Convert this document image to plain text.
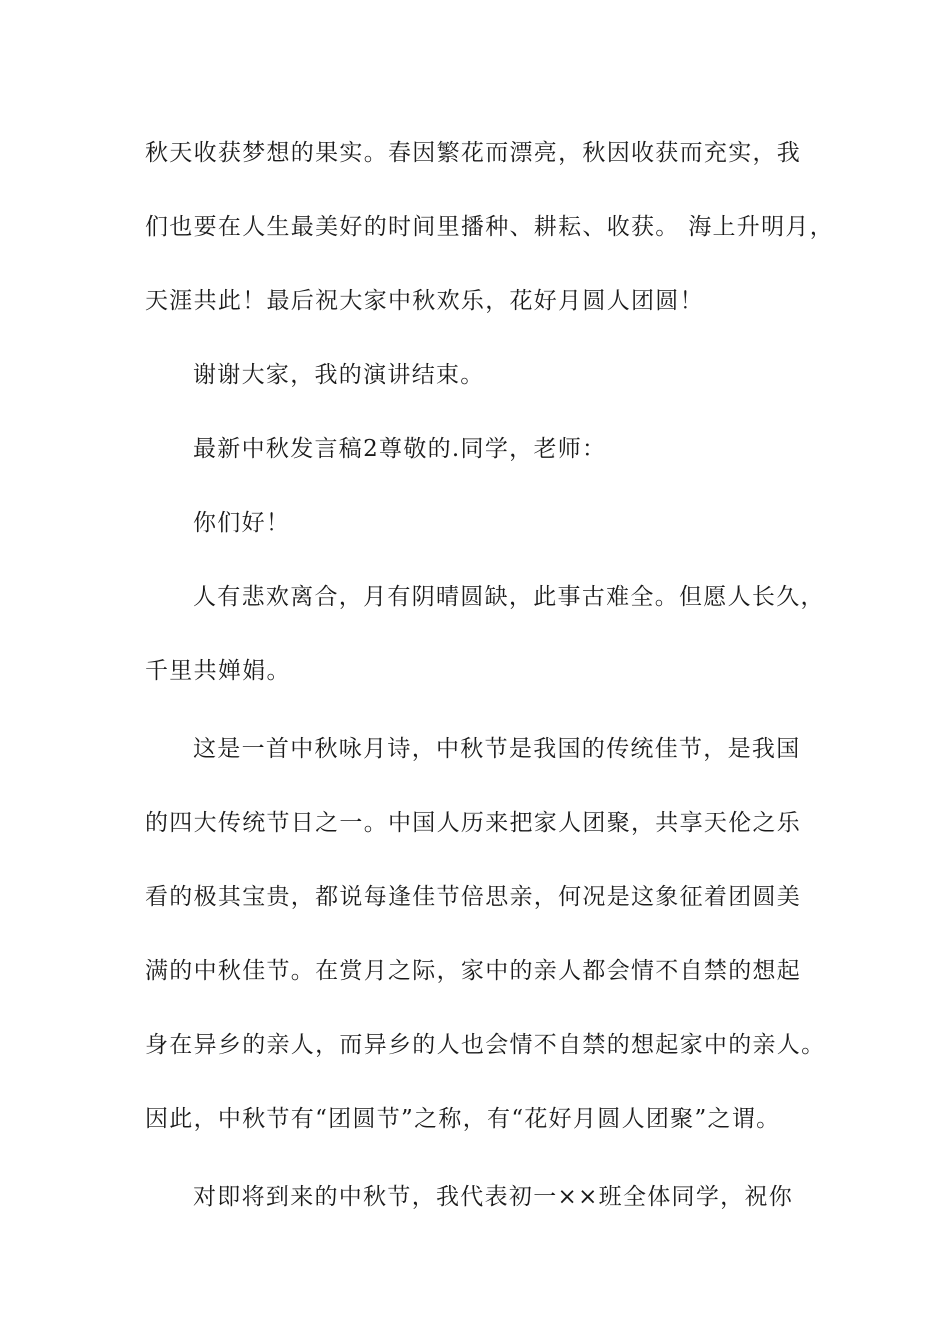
秋天收获梦想的果实。春因繁花而漂亮，秋因收获而充实，我
们也要在人生最美好的时间里播种、耕耘、收获。 海上升明月，
天涯共此！最后祝大家中秋欢乐，花好月圆人团圆！
谢谢大家，我的演讲结束。
最新中秋发言稿2尊敬的.同学，老师：
你们好！
人有悲欢离合，月有阴晴圆缺，此事古难全。但愿人长久，
千里共婵娟。
这是一首中秋咏月诗，中秋节是我国的传统佳节，是我国
的四大传统节日之一。中国人历来把家人团聚，共享天伦之乐
看的极其宝贵，都说每逢佳节倍思亲，何况是这象征着团圆美
满的中秋佳节。在赏月之际，家中的亲人都会情不自禁的想起
身在异乡的亲人，而异乡的人也会情不自禁的想起家中的亲人。
因此，中秋节有“团圆节”之称，有“花好月圆人团聚”之谓。
对即将到来的中秋节，我代表初一××班全体同学，祝你
